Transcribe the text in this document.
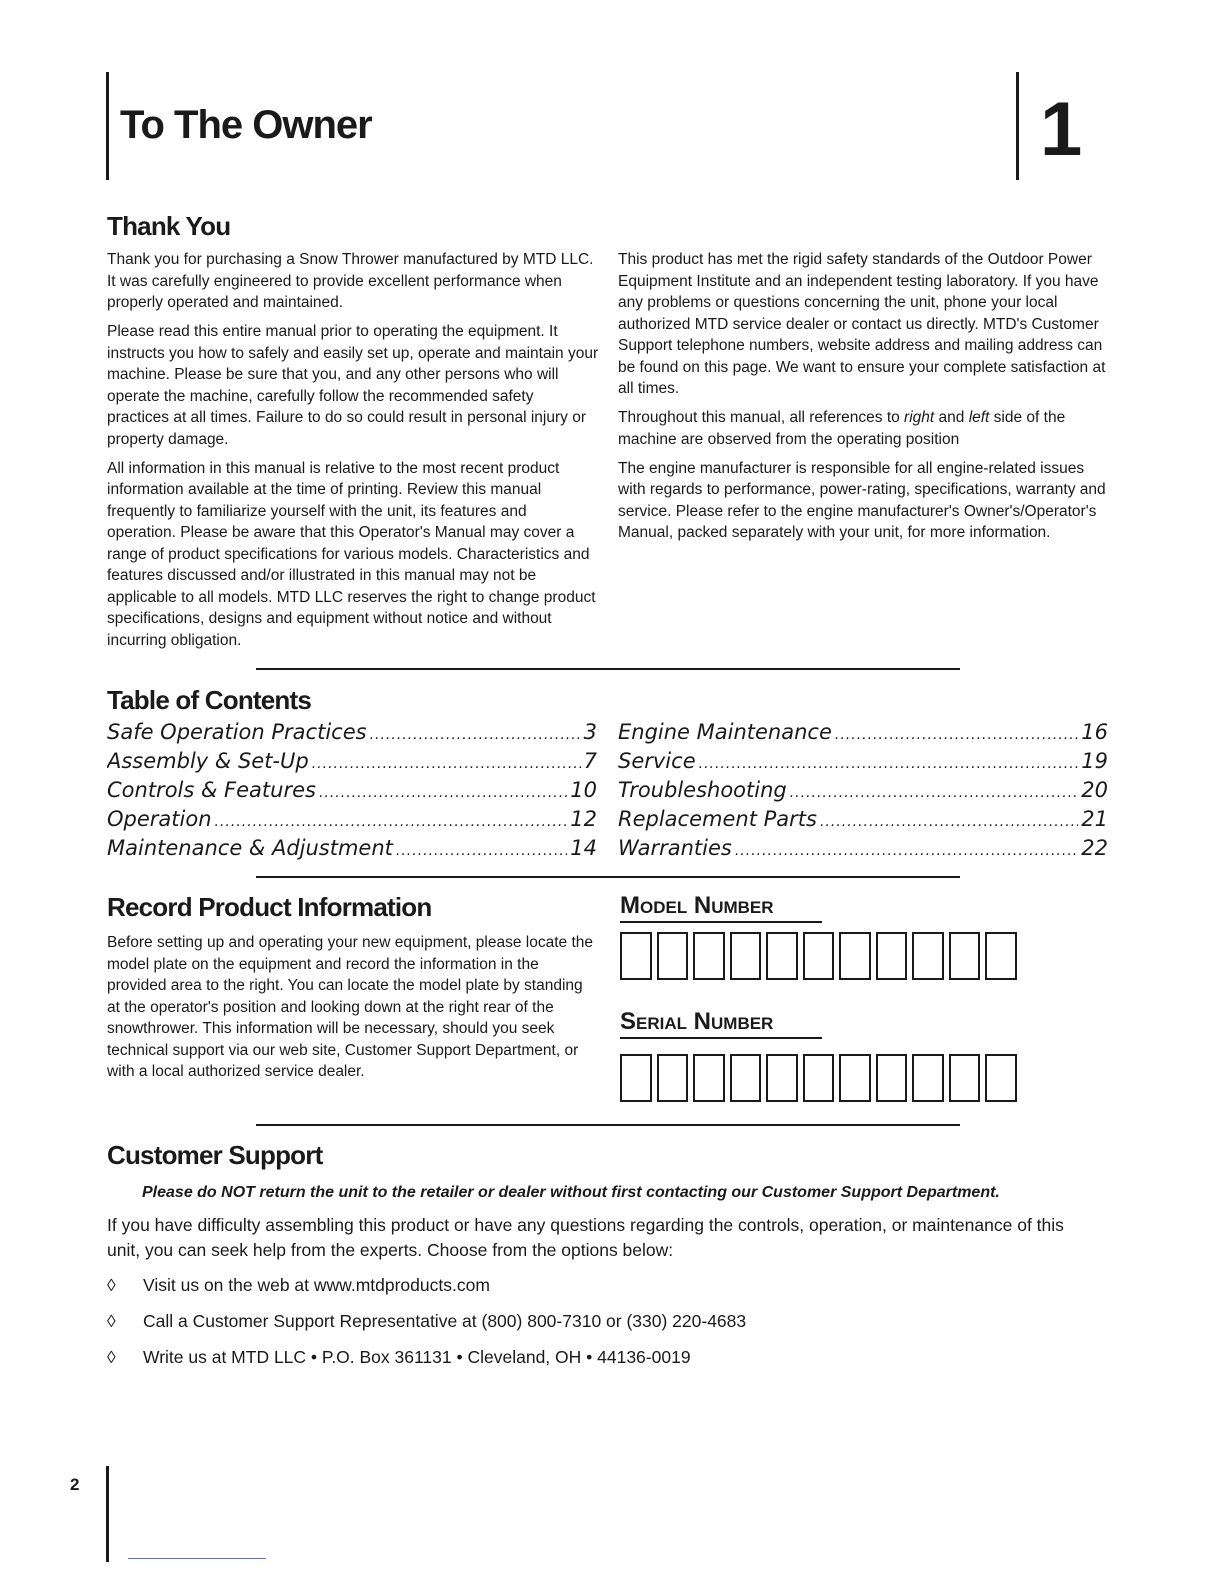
To The Owner	1
Thank You

Thank you for purchasing a Snow Thrower manufactured by MTD LLC. It was carefully engineered to provide excellent performance when properly operated and maintained.

Please read this entire manual prior to operating the equipment. It instructs you how to safely and easily set up, operate and maintain your machine. Please be sure that you, and any other persons who will operate the machine, carefully follow the recommended safety practices at all times. Failure to do so could result in personal injury or property damage.

All information in this manual is relative to the most recent product information available at the time of printing. Review this manual frequently to familiarize yourself with the unit, its features and operation. Please be aware that this Operator's Manual may cover a range of product specifications for various models. Characteristics and features discussed and/or illustrated in this manual may not be applicable to all models. MTD LLC reserves the right to change product specifications, designs and equipment without notice and without incurring obligation.

This product has met the rigid safety standards of the Outdoor Power Equipment Institute and an independent testing laboratory. If you have any problems or questions concerning the unit, phone your local authorized MTD service dealer or contact us directly. MTD's Customer Support telephone numbers, website address and mailing address can be found on this page. We want to ensure your complete satisfaction at all times.

Throughout this manual, all references to right and left side of the machine are observed from the operating position

The engine manufacturer is responsible for all engine-related issues with regards to performance, power-rating, specifications, warranty and service. Please refer to the engine manufacturer's Owner's/Operator's Manual, packed separately with your unit, for more information.

Table of Contents
Safe Operation Practices .....	3
Assembly & Set-Up .....	7
Controls & Features .....	10
Operation .....	12
Maintenance & Adjustment .....	14
Engine Maintenance .....	16
Service .....	19
Troubleshooting .....	20
Replacement Parts .....	21
Warranties .....	22
Record Product Information

Before setting up and operating your new equipment, please locate the model plate on the equipment and record the information in the provided area to the right. You can locate the model plate by standing at the operator's position and looking down at the right rear of the snowthrower. This information will be necessary, should you seek technical support via our web site, Customer Support Department, or with a local authorized service dealer.

Model Number
Serial Number
Customer Support
Please do NOT return the unit to the retailer or dealer without first contacting our Customer Support Department.
If you have difficulty assembling this product or have any questions regarding the controls, operation, or maintenance of this unit, you can seek help from the experts. Choose from the options below:
◊ Visit us on the web at www.mtdproducts.com
◊ Call a Customer Support Representative at (800) 800-7310 or (330) 220-4683
◊ Write us at MTD LLC • P.O. Box 361131 • Cleveland, OH • 44136-0019
2
